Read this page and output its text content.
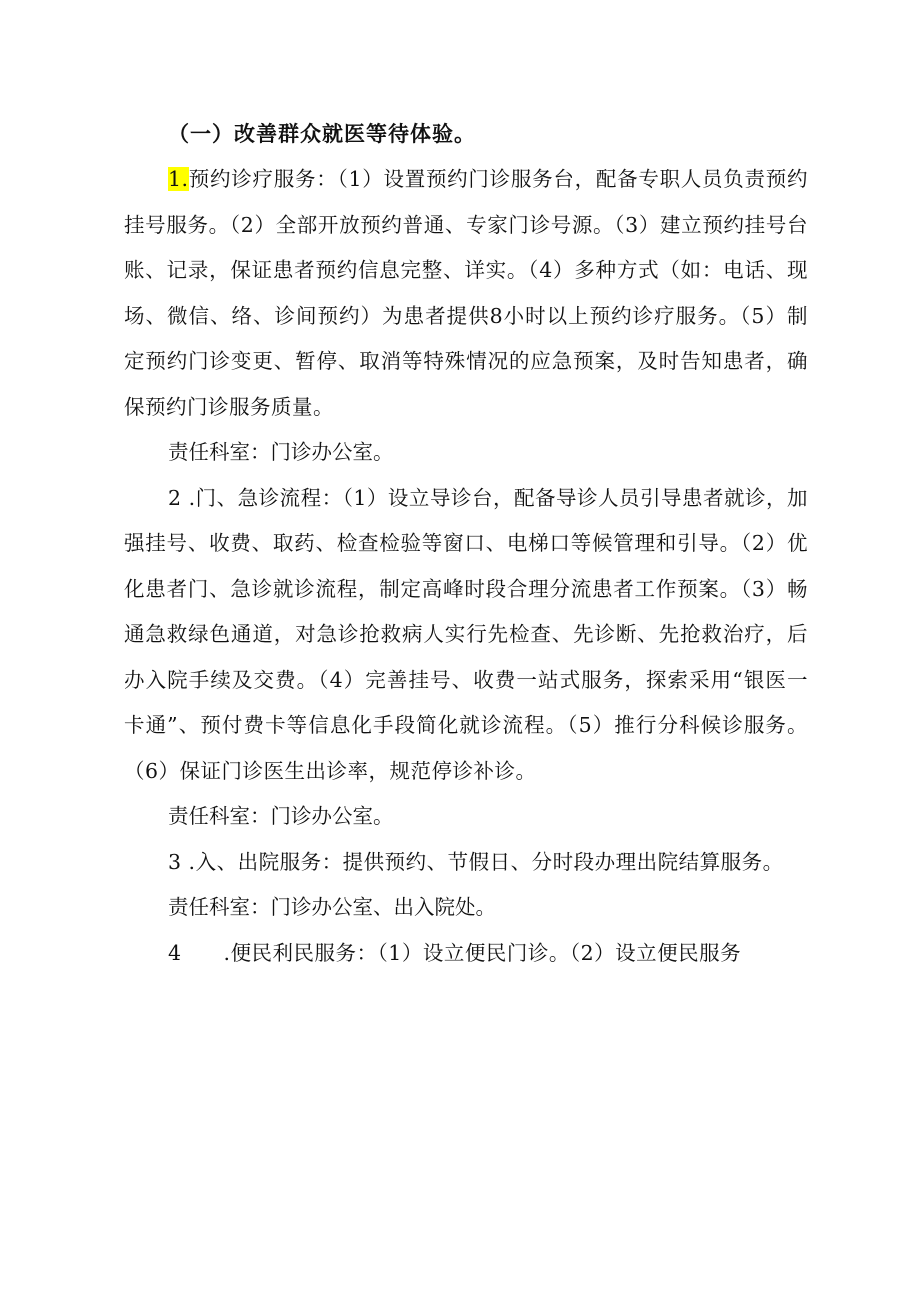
（一）改善群众就医等待体验。

1.预约诊疗服务：（1）设置预约门诊服务台，配备专职人员负责预约挂号服务。（2）全部开放预约普通、专家门诊号源。（3）建立预约挂号台账、记录，保证患者预约信息完整、详实。（4）多种方式（如：电话、现场、微信、络、诊间预约）为患者提供8小时以上预约诊疗服务。（5）制定预约门诊变更、暂停、取消等特殊情况的应急预案，及时告知患者，确保预约门诊服务质量。

责任科室：门诊办公室。

2 .门、急诊流程：（1）设立导诊台，配备导诊人员引导患者就诊，加强挂号、收费、取药、检查检验等窗口、电梯口等候管理和引导。（2）优化患者门、急诊就诊流程，制定高峰时段合理分流患者工作预案。（3）畅通急救绿色通道，对急诊抢救病人实行先检查、先诊断、先抢救治疗，后办入院手续及交费。（4）完善挂号、收费一站式服务，探索采用“银医一卡通”、预付费卡等信息化手段简化就诊流程。（5）推行分科候诊服务。（6）保证门诊医生出诊率，规范停诊补诊。

责任科室：门诊办公室。

3 .入、出院服务：提供预约、节假日、分时段办理出院结算服务。

责任科室：门诊办公室、出入院处。

4  .便民利民服务：（1）设立便民门诊。（2）设立便民服务
